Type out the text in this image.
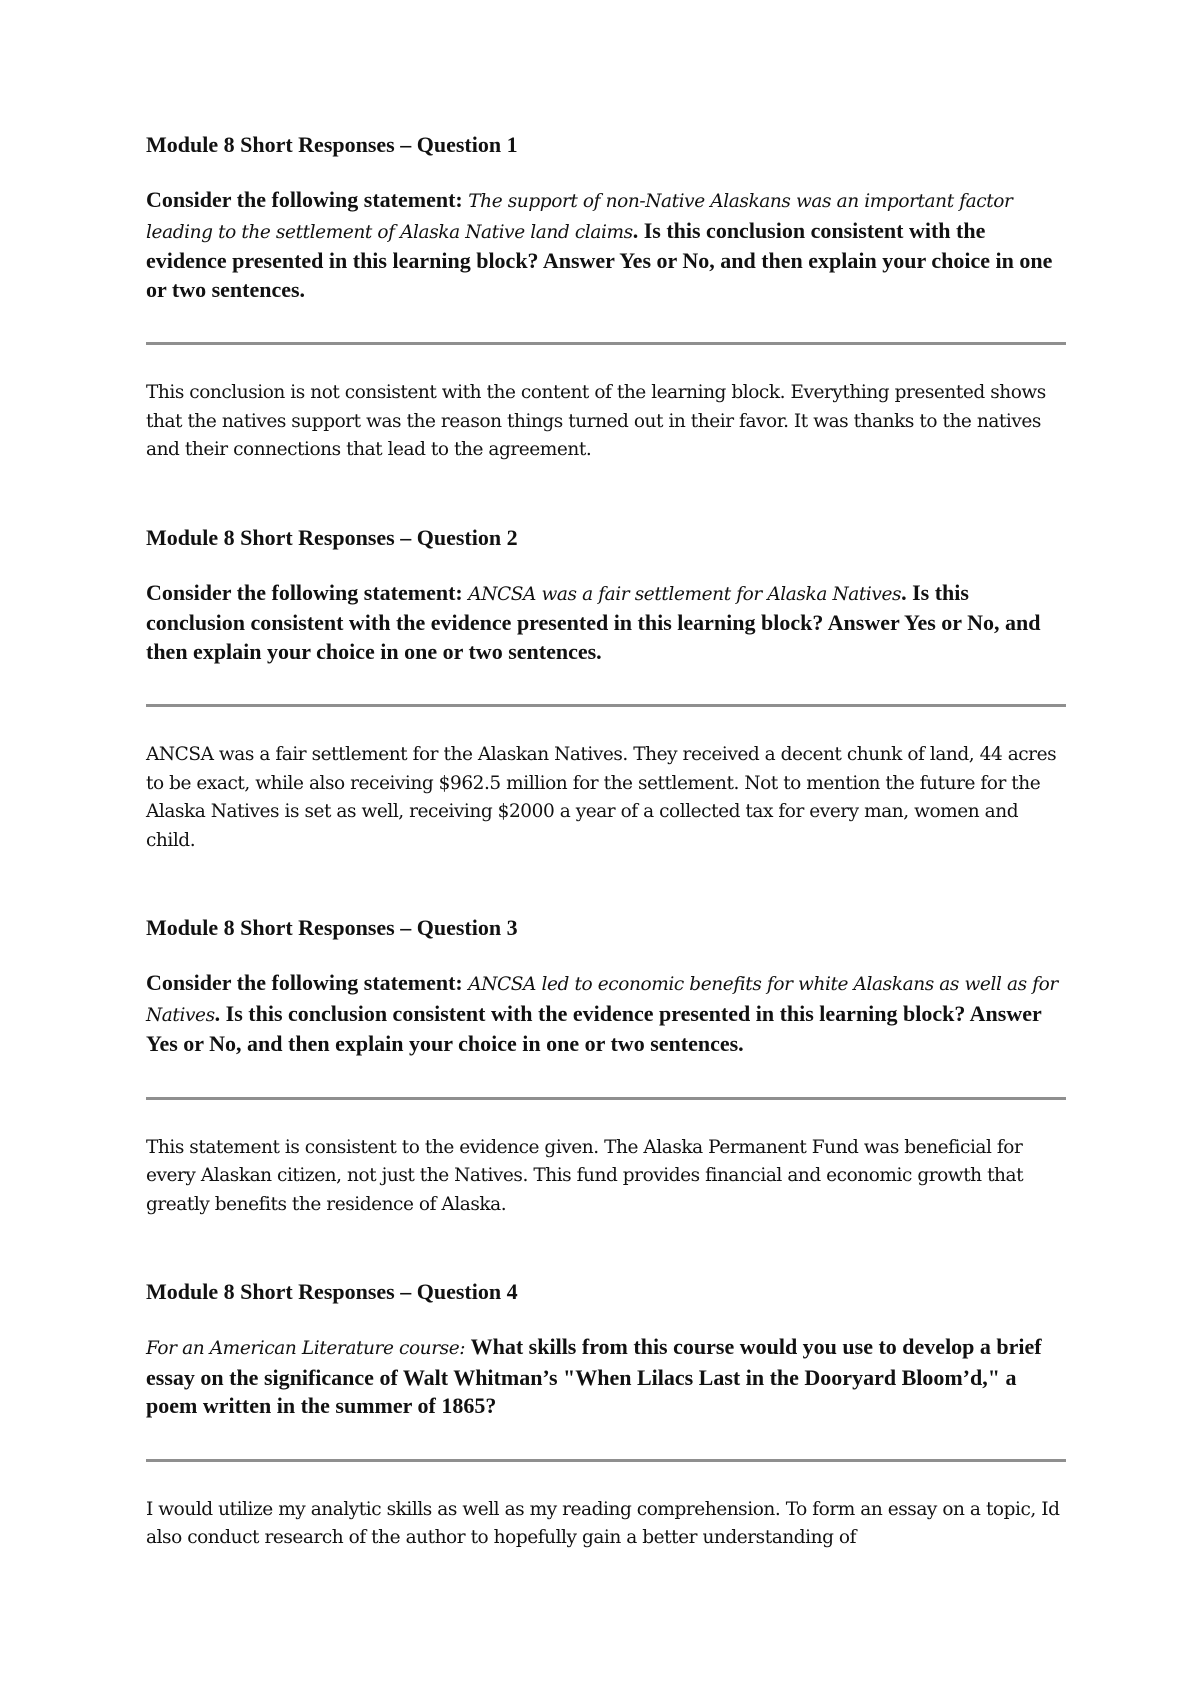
Module 8 Short Responses – Question 1

Consider the following statement: The support of non-Native Alaskans was an important factor leading to the settlement of Alaska Native land claims. Is this conclusion consistent with the evidence presented in this learning block? Answer Yes or No, and then explain your choice in one or two sentences.

This conclusion is not consistent with the content of the learning block. Everything presented shows that the natives support was the reason things turned out in their favor. It was thanks to the natives and their connections that lead to the agreement.

Module 8 Short Responses – Question 2

Consider the following statement: ANCSA was a fair settlement for Alaska Natives. Is this conclusion consistent with the evidence presented in this learning block? Answer Yes or No, and then explain your choice in one or two sentences.

ANCSA was a fair settlement for the Alaskan Natives. They received a decent chunk of land, 44 acres to be exact, while also receiving $962.5 million for the settlement. Not to mention the future for the Alaska Natives is set as well, receiving $2000 a year of a collected tax for every man, women and child.

Module 8 Short Responses – Question 3

Consider the following statement: ANCSA led to economic benefits for white Alaskans as well as for Natives. Is this conclusion consistent with the evidence presented in this learning block? Answer Yes or No, and then explain your choice in one or two sentences.

This statement is consistent to the evidence given. The Alaska Permanent Fund was beneficial for every Alaskan citizen, not just the Natives. This fund provides financial and economic growth that greatly benefits the residence of Alaska.

Module 8 Short Responses – Question 4

For an American Literature course: What skills from this course would you use to develop a brief essay on the significance of Walt Whitman’s "When Lilacs Last in the Dooryard Bloom’d," a poem written in the summer of 1865?

I would utilize my analytic skills as well as my reading comprehension. To form an essay on a topic, Id also conduct research of the author to hopefully gain a better understanding of
